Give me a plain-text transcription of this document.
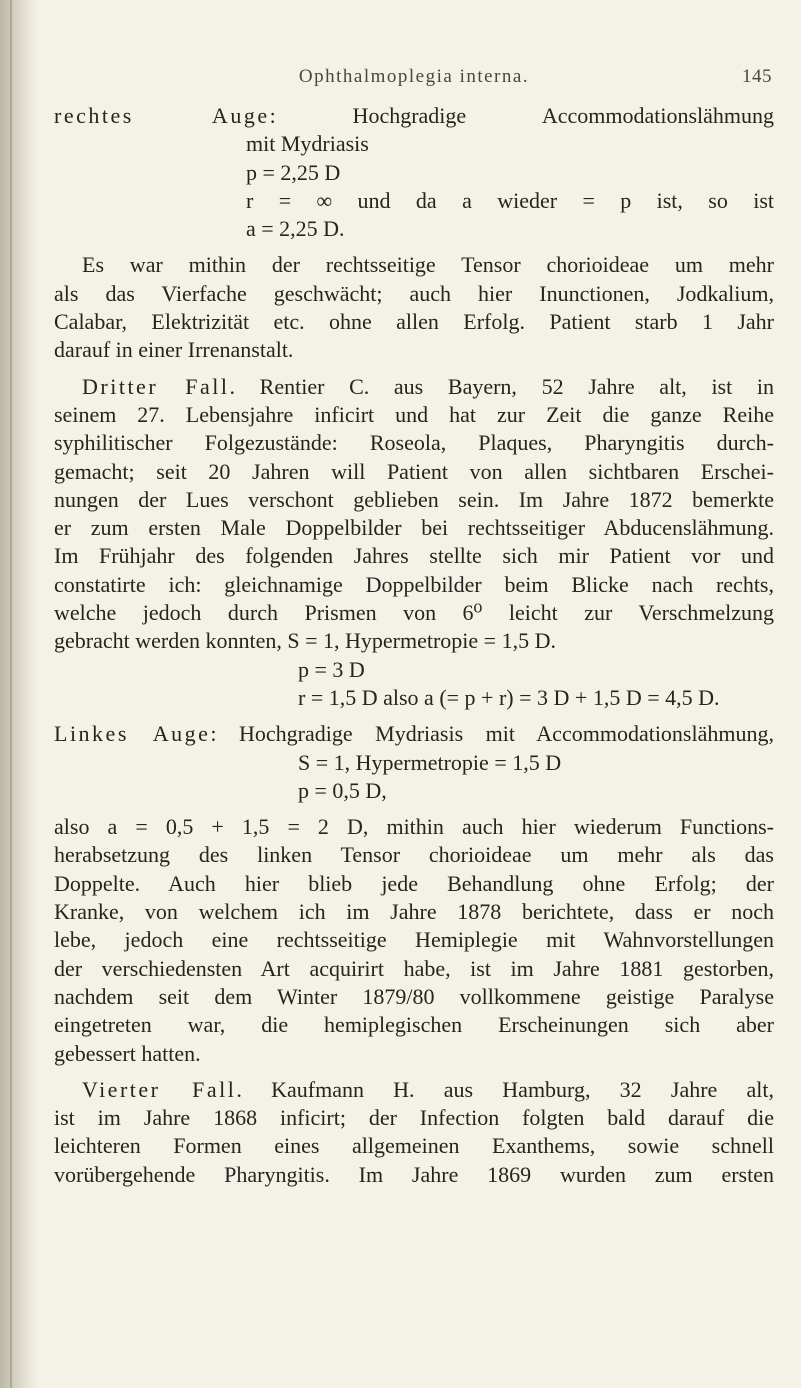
Ophthalmoplegia interna.	145
rechtes Auge: Hochgradige Accommodationslähmung
mit Mydriasis
p = 2,25 D
r = ∞ und da a wieder = p ist, so ist
a = 2,25 D.
Es war mithin der rechtsseitige Tensor chorioideae um mehr
als das Vierfache geschwächt; auch hier Inunctionen, Jodkalium,
Calabar, Elektrizität etc. ohne allen Erfolg. Patient starb 1 Jahr
darauf in einer Irrenanstalt.
Dritter Fall. Rentier C. aus Bayern, 52 Jahre alt, ist in
seinem 27. Lebensjahre inficirt und hat zur Zeit die ganze Reihe
syphilitischer Folgezustände: Roseola, Plaques, Pharyngitis durch-
gemacht; seit 20 Jahren will Patient von allen sichtbaren Erschei-
nungen der Lues verschont geblieben sein. Im Jahre 1872 bemerkte
er zum ersten Male Doppelbilder bei rechtsseitiger Abducenslähmung.
Im Frühjahr des folgenden Jahres stellte sich mir Patient vor und
constatirte ich: gleichnamige Doppelbilder beim Blicke nach rechts,
welche jedoch durch Prismen von 6⁰ leicht zur Verschmelzung
gebracht werden konnten, S = 1, Hypermetropie = 1,5 D.
p = 3 D
r = 1,5 D also a (= p + r) = 3 D + 1,5 D = 4,5 D.
Linkes Auge: Hochgradige Mydriasis mit Accommodationslähmung,
S = 1, Hypermetropie = 1,5 D
p = 0,5 D,
also a = 0,5 + 1,5 = 2 D, mithin auch hier wiederum Functions-
herabsetzung des linken Tensor chorioideae um mehr als das
Doppelte. Auch hier blieb jede Behandlung ohne Erfolg; der
Kranke, von welchem ich im Jahre 1878 berichtete, dass er noch
lebe, jedoch eine rechtsseitige Hemiplegie mit Wahnvorstellungen
der verschiedensten Art acquirirt habe, ist im Jahre 1881 gestorben,
nachdem seit dem Winter 1879/80 vollkommene geistige Paralyse
eingetreten war, die hemiplegischen Erscheinungen sich aber
gebessert hatten.
Vierter Fall. Kaufmann H. aus Hamburg, 32 Jahre alt,
ist im Jahre 1868 inficirt; der Infection folgten bald darauf die
leichteren Formen eines allgemeinen Exanthems, sowie schnell
vorübergehende Pharyngitis. Im Jahre 1869 wurden zum ersten
